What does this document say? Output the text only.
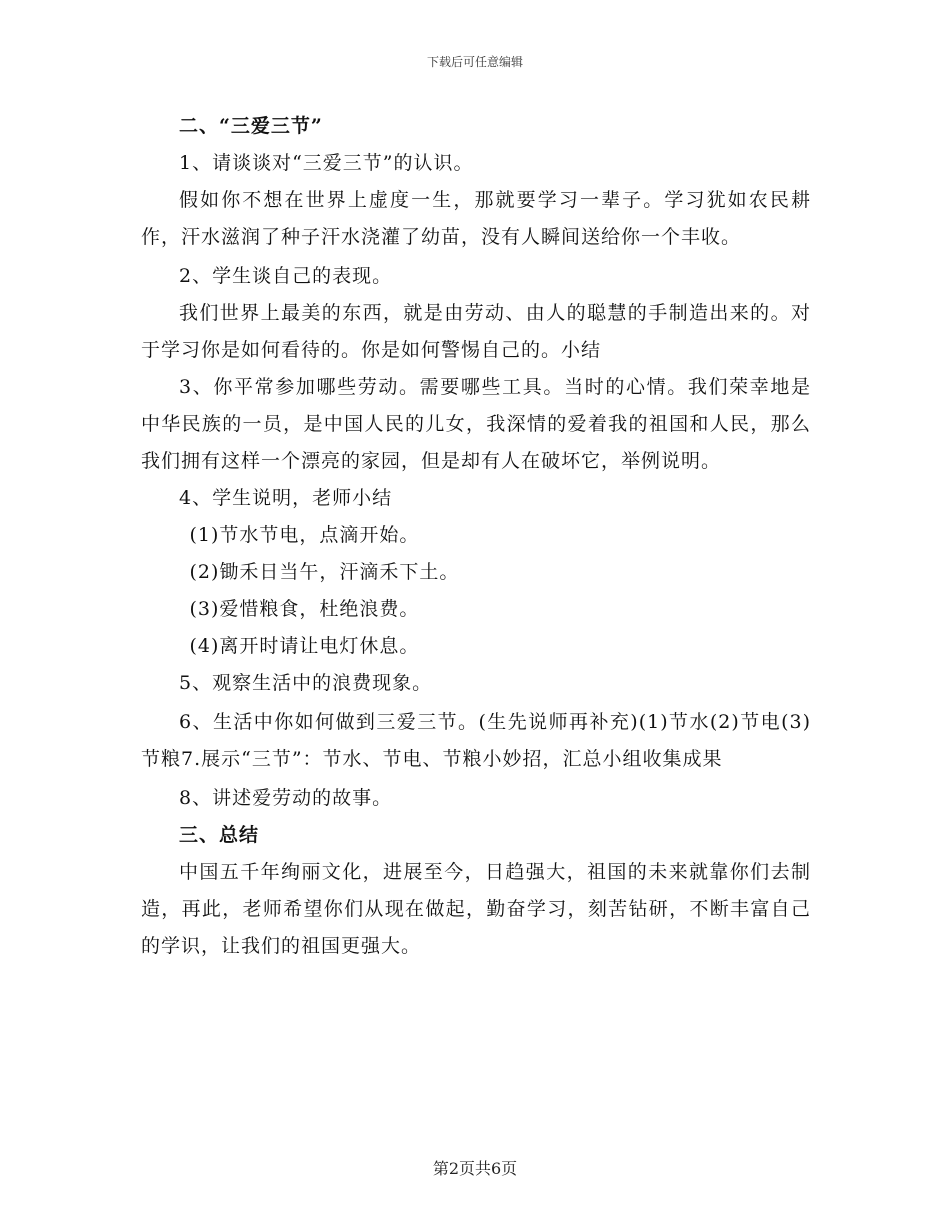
下载后可任意编辑

二、“三爱三节”

1、请谈谈对“三爱三节”的认识。

假如你不想在世界上虚度一生，那就要学习一辈子。学习犹如农民耕作，汗水滋润了种子汗水浇灌了幼苗，没有人瞬间送给你一个丰收。

2、学生谈自己的表现。

我们世界上最美的东西，就是由劳动、由人的聪慧的手制造出来的。对于学习你是如何看待的。你是如何警惕自己的。小结

3、你平常参加哪些劳动。需要哪些工具。当时的心情。我们荣幸地是中华民族的一员，是中国人民的儿女，我深情的爱着我的祖国和人民，那么我们拥有这样一个漂亮的家园，但是却有人在破坏它，举例说明。

4、学生说明，老师小结

(1)节水节电，点滴开始。

(2)锄禾日当午，汗滴禾下土。

(3)爱惜粮食，杜绝浪费。

(4)离开时请让电灯休息。

5、观察生活中的浪费现象。

6、生活中你如何做到三爱三节。(生先说师再补充)(1)节水(2)节电(3)节粮7.展示“三节”：节水、节电、节粮小妙招，汇总小组收集成果

8、讲述爱劳动的故事。

三、总结

中国五千年绚丽文化，进展至今，日趋强大，祖国的未来就靠你们去制造，再此，老师希望你们从现在做起，勤奋学习，刻苦钻研，不断丰富自己的学识，让我们的祖国更强大。

第2页共6页
